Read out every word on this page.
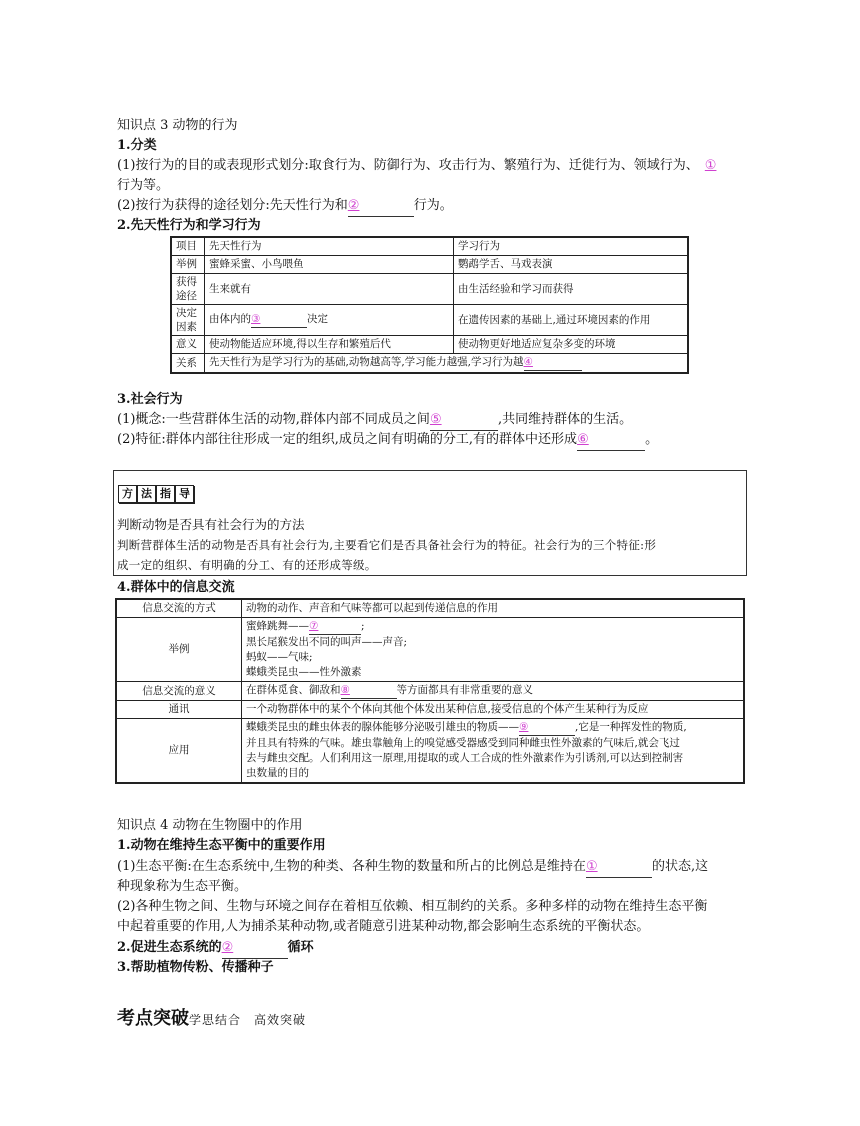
知识点 3 动物的行为
1.分类
(1)按行为的目的或表现形式划分:取食行为、防御行为、攻击行为、繁殖行为、迁徙行为、领域行为、 ①
行为等。
(2)按行为获得的途径划分:先天性行为和②	行为。
2.先天性行为和学习行为
项目	先天性行为	学习行为
举例	蜜蜂采蜜、小鸟喂鱼	鹦鹉学舌、马戏表演
获得途径	生来就有	由生活经验和学习而获得
决定因素	由体内的③ 决定	在遗传因素的基础上,通过环境因素的作用
意义	使动物能适应环境,得以生存和繁殖后代	使动物更好地适应复杂多变的环境
关系	先天性行为是学习行为的基础,动物越高等,学习能力越强,学习行为越④	
3.社会行为
(1)概念:一些营群体生活的动物,群体内部不同成员之间⑤	,共同维持群体的生活。
(2)特征:群体内部往往形成一定的组织,成员之间有明确的分工,有的群体中还形成⑥	。
方 法 指 导
判断动物是否具有社会行为的方法
判断营群体生活的动物是否具有社会行为,主要看它们是否具备社会行为的特征。社会行为的三个特征:形
成一定的组织、有明确的分工、有的还形成等级。
4.群体中的信息交流
信息交流的方式	动物的动作、声音和气味等都可以起到传递信息的作用
举例	蜜蜂跳舞——⑦ ;
黑长尾猴发出不同的叫声——声音;
蚂蚁——气味;
蝶蛾类昆虫——性外激素

信息交流的意义	在群体觅食、御敌和⑧ 等方面都具有非常重要的意义
通讯	一个动物群体中的某个个体向其他个体发出某种信息,接受信息的个体产生某种行为反应
应用	蝶蛾类昆虫的雌虫体表的腺体能够分泌吸引雄虫的物质——⑨ ,它是一种挥发性的物质,
并且具有特殊的气味。雄虫靠触角上的嗅觉感受器感受到同种雌虫性外激素的气味后,就会飞过
去与雌虫交配。人们利用这一原理,用提取的或人工合成的性外激素作为引诱剂,可以达到控制害
虫数量的目的
知识点 4 动物在生物圈中的作用
1.动物在维持生态平衡中的重要作用
(1)生态平衡:在生态系统中,生物的种类、各种生物的数量和所占的比例总是维持在①	的状态,这
种现象称为生态平衡。
(2)各种生物之间、生物与环境之间存在着相互依赖、相互制约的关系。多种多样的动物在维持生态平衡
中起着重要的作用,人为捕杀某种动物,或者随意引进某种动物,都会影响生态系统的平衡状态。
2.促进生态系统的②	循环
3.帮助植物传粉、传播种子
考点突破学思结合　高效突破
